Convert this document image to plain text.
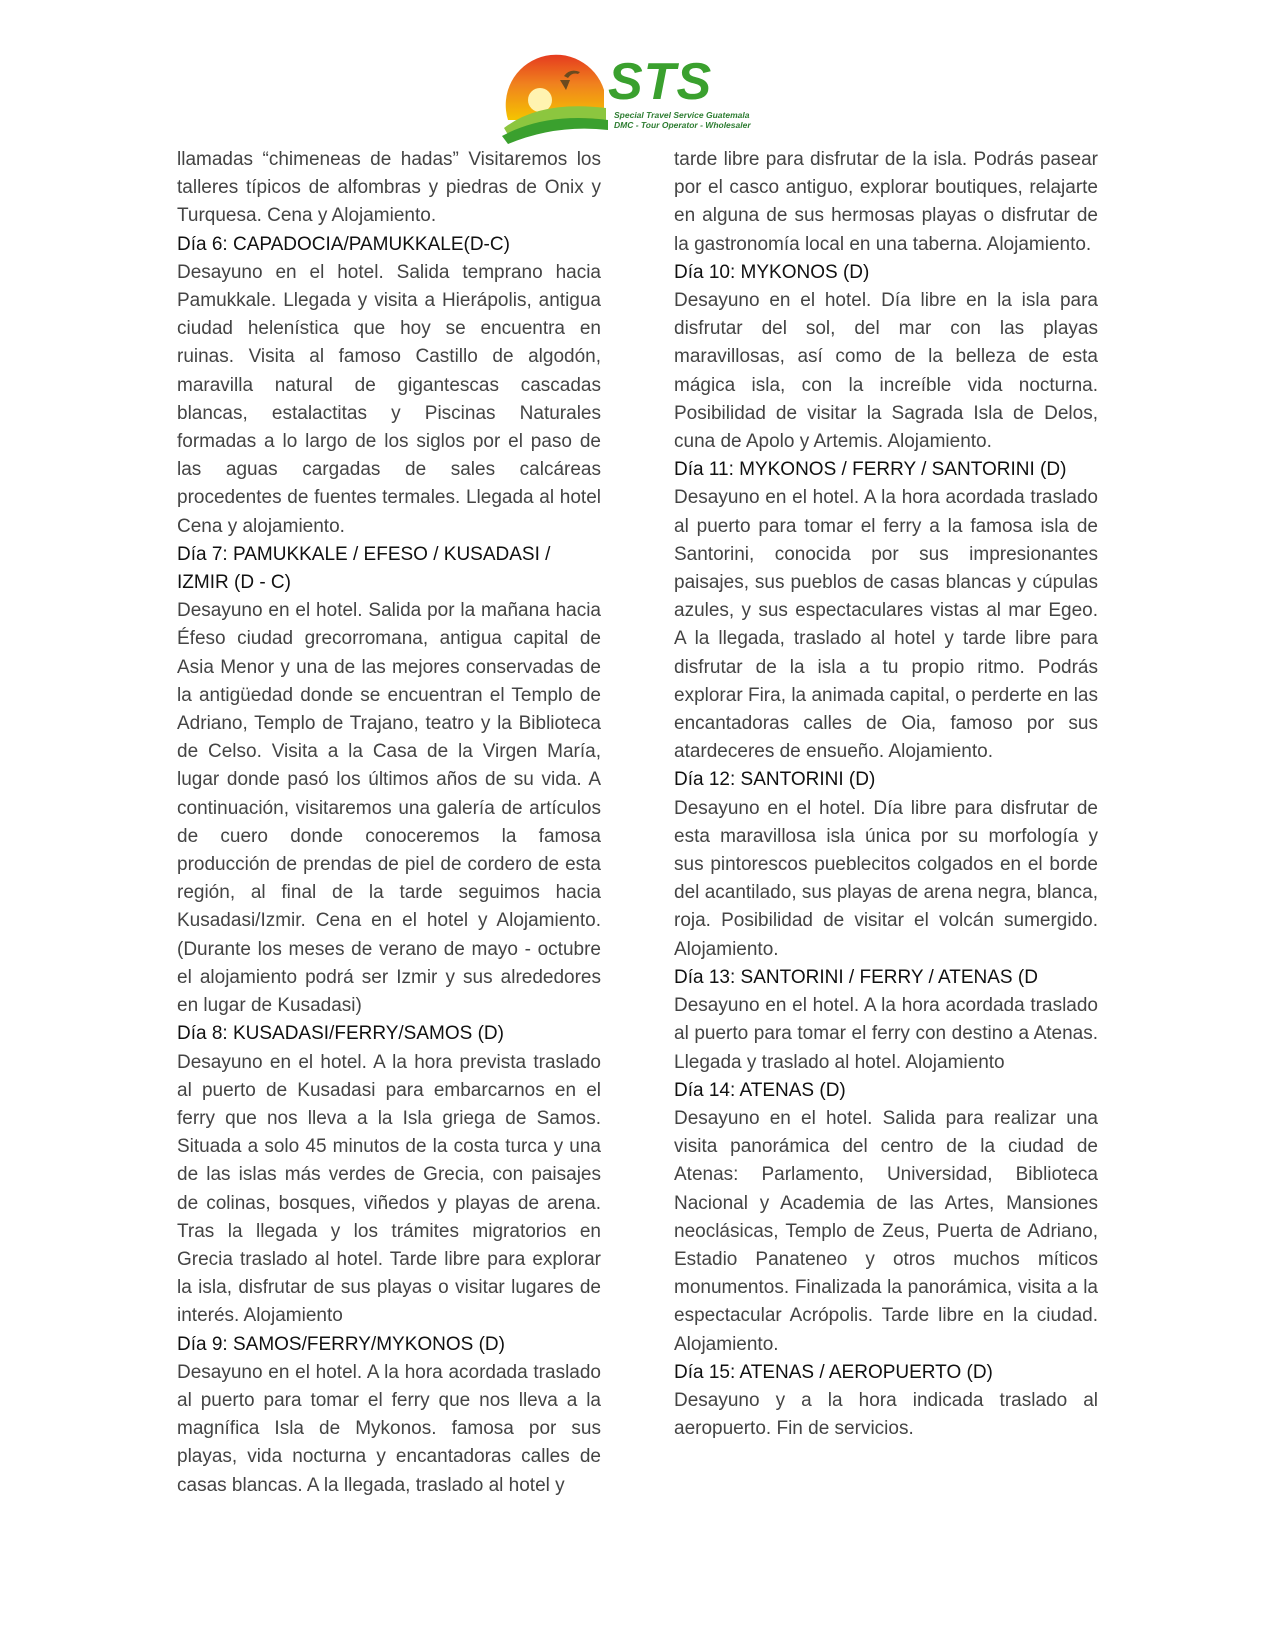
STS
Special Travel Service Guatemala
DMC - Tour Operator - Wholesaler

llamadas “chimeneas de hadas” Visitaremos los talleres típicos de alfombras y piedras de Onix y Turquesa. Cena y Alojamiento.

Día 6: CAPADOCIA/PAMUKKALE(D-C)

Desayuno en el hotel. Salida temprano hacia Pamukkale. Llegada y visita a Hierápolis, antigua ciudad helenística que hoy se encuentra en ruinas. Visita al famoso Castillo de algodón, maravilla natural de gigantescas cascadas blancas, estalactitas y Piscinas Naturales formadas a lo largo de los siglos por el paso de las aguas cargadas de sales calcáreas procedentes de fuentes termales. Llegada al hotel Cena y alojamiento.

Día 7: PAMUKKALE / EFESO / KUSADASI / IZMIR (D - C)

Desayuno en el hotel. Salida por la mañana hacia Éfeso ciudad grecorromana, antigua capital de Asia Menor y una de las mejores conservadas de la antigüedad donde se encuentran el Templo de Adriano, Templo de Trajano, teatro y la Biblioteca de Celso. Visita a la Casa de la Virgen María, lugar donde pasó los últimos años de su vida. A continuación, visitaremos una galería de artículos de cuero donde conoceremos la famosa producción de prendas de piel de cordero de esta región, al final de la tarde seguimos hacia Kusadasi/Izmir. Cena en el hotel y Alojamiento. (Durante los meses de verano de mayo - octubre el alojamiento podrá ser Izmir y sus alrededores en lugar de Kusadasi)

Día 8: KUSADASI/FERRY/SAMOS (D)

Desayuno en el hotel. A la hora prevista traslado al puerto de Kusadasi para embarcarnos en el ferry que nos lleva a la Isla griega de Samos. Situada a solo 45 minutos de la costa turca y una de las islas más verdes de Grecia, con paisajes de colinas, bosques, viñedos y playas de arena. Tras la llegada y los trámites migratorios en Grecia traslado al hotel. Tarde libre para explorar la isla, disfrutar de sus playas o visitar lugares de interés. Alojamiento

Día 9: SAMOS/FERRY/MYKONOS (D)

Desayuno en el hotel. A la hora acordada traslado al puerto para tomar el ferry que nos lleva a la magnífica Isla de Mykonos. famosa por sus playas, vida nocturna y encantadoras calles de casas blancas. A la llegada, traslado al hotel y

tarde libre para disfrutar de la isla. Podrás pasear por el casco antiguo, explorar boutiques, relajarte en alguna de sus hermosas playas o disfrutar de la gastronomía local en una taberna. Alojamiento.

Día 10: MYKONOS (D)

Desayuno en el hotel. Día libre en la isla para disfrutar del sol, del mar con las playas maravillosas, así como de la belleza de esta mágica isla, con la increíble vida nocturna. Posibilidad de visitar la Sagrada Isla de Delos, cuna de Apolo y Artemis. Alojamiento.

Día 11: MYKONOS / FERRY / SANTORINI (D)

Desayuno en el hotel. A la hora acordada traslado al puerto para tomar el ferry a la famosa isla de Santorini, conocida por sus impresionantes paisajes, sus pueblos de casas blancas y cúpulas azules, y sus espectaculares vistas al mar Egeo. A la llegada, traslado al hotel y tarde libre para disfrutar de la isla a tu propio ritmo. Podrás explorar Fira, la animada capital, o perderte en las encantadoras calles de Oia, famoso por sus atardeceres de ensueño. Alojamiento.

Día 12: SANTORINI (D)

Desayuno en el hotel. Día libre para disfrutar de esta maravillosa isla única por su morfología y sus pintorescos pueblecitos colgados en el borde del acantilado, sus playas de arena negra, blanca, roja. Posibilidad de visitar el volcán sumergido. Alojamiento.

Día 13: SANTORINI / FERRY / ATENAS (D

Desayuno en el hotel. A la hora acordada traslado al puerto para tomar el ferry con destino a Atenas. Llegada y traslado al hotel. Alojamiento

Día 14: ATENAS (D)

Desayuno en el hotel. Salida para realizar una visita panorámica del centro de la ciudad de Atenas: Parlamento, Universidad, Biblioteca Nacional y Academia de las Artes, Mansiones neoclásicas, Templo de Zeus, Puerta de Adriano, Estadio Panateneo y otros muchos míticos monumentos. Finalizada la panorámica, visita a la espectacular Acrópolis. Tarde libre en la ciudad. Alojamiento.

Día 15: ATENAS / AEROPUERTO (D)

Desayuno y a la hora indicada traslado al aeropuerto. Fin de servicios.
